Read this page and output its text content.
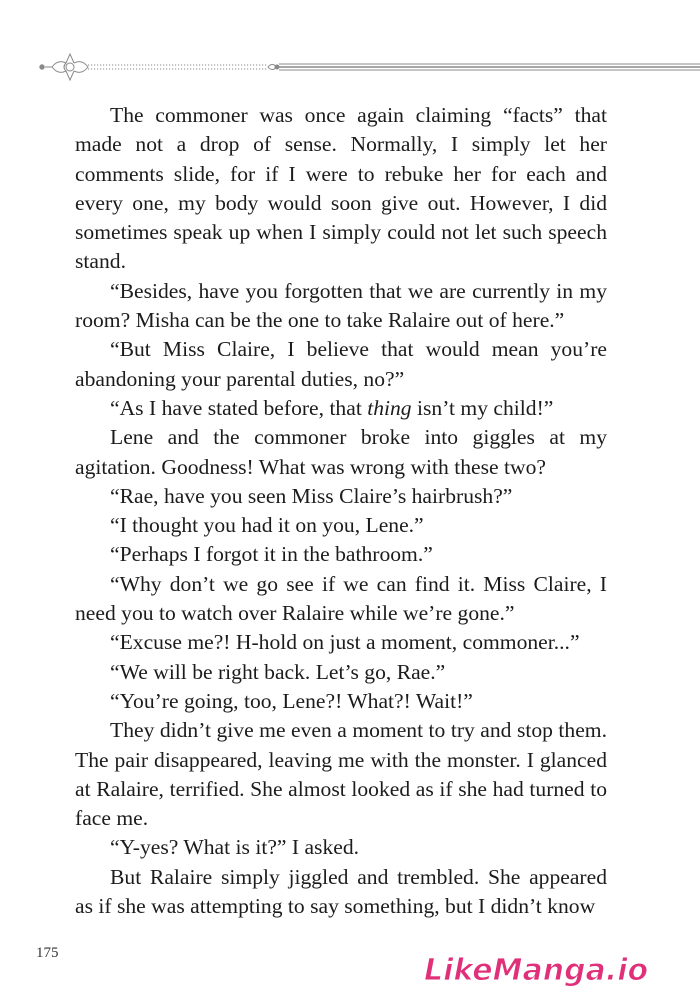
The commoner was once again claiming “facts” that made not a drop of sense. Normally, I simply let her comments slide, for if I were to rebuke her for each and every one, my body would soon give out. However, I did sometimes speak up when I simply could not let such speech stand.

“Besides, have you forgotten that we are currently in my room? Misha can be the one to take Ralaire out of here.”

“But Miss Claire, I believe that would mean you’re abandoning your parental duties, no?”

“As I have stated before, that thing isn’t my child!”

Lene and the commoner broke into giggles at my agitation. Goodness! What was wrong with these two?

“Rae, have you seen Miss Claire’s hairbrush?”

“I thought you had it on you, Lene.”

“Perhaps I forgot it in the bathroom.”

“Why don’t we go see if we can find it. Miss Claire, I need you to watch over Ralaire while we’re gone.”

“Excuse me?! H-hold on just a moment, commoner...”

“We will be right back. Let’s go, Rae.”

“You’re going, too, Lene?! What?! Wait!”

They didn’t give me even a moment to try and stop them. The pair disappeared, leaving me with the monster. I glanced at Ralaire, terrified. She almost looked as if she had turned to face me.

“Y-yes? What is it?” I asked.

But Ralaire simply jiggled and trembled. She appeared as if she was attempting to say something, but I didn’t know

175	LikeManga.io
